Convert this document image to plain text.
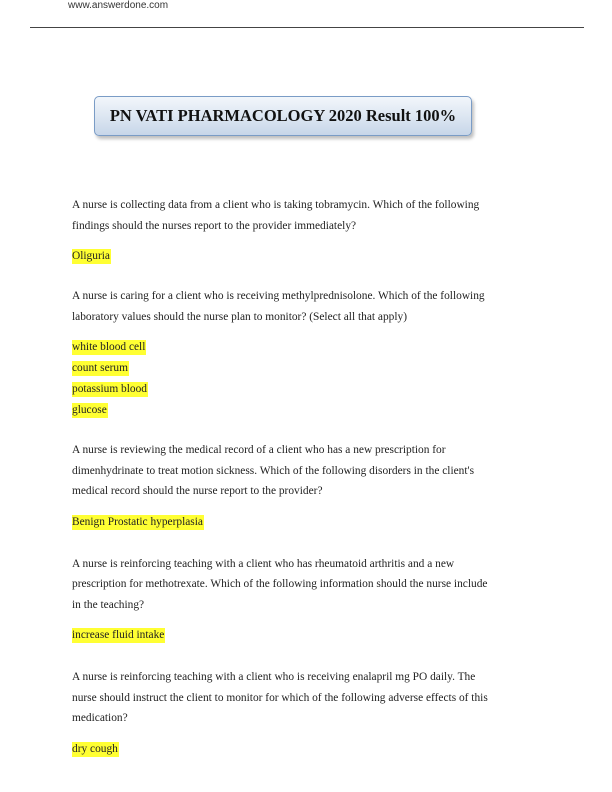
www.answerdone.com
PN VATI PHARMACOLOGY 2020 Result 100%

A nurse is collecting data from a client who is taking tobramycin. Which of the following
findings should the nurses report to the provider immediately?

Oliguria

A nurse is caring for a client who is receiving methylprednisolone. Which of the following
laboratory values should the nurse plan to monitor? (Select all that apply)

white blood cell
count serum
potassium blood
glucose

A nurse is reviewing the medical record of a client who has a new prescription for
dimenhydrinate to treat motion sickness. Which of the following disorders in the client's
medical record should the nurse report to the provider?

Benign Prostatic hyperplasia

A nurse is reinforcing teaching with a client who has rheumatoid arthritis and a new
prescription for methotrexate. Which of the following information should the nurse include
in the teaching?

increase fluid intake

A nurse is reinforcing teaching with a client who is receiving enalapril mg PO daily. The
nurse should instruct the client to monitor for which of the following adverse effects of this
medication?

dry cough
